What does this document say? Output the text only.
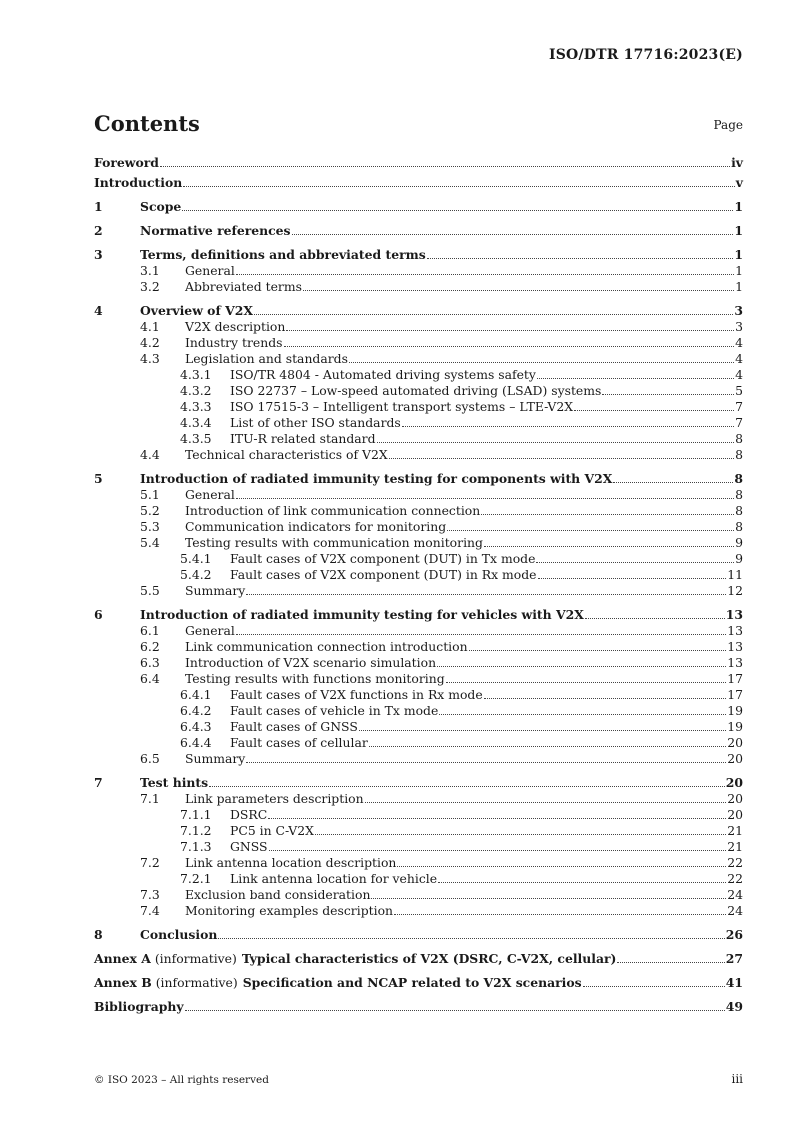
ISO/DTR 17716:2023(E)
Contents	Page
Foreword	iv
Introduction	v
1	Scope	1
2	Normative references	1
3	Terms, definitions and abbreviated terms	1
3.1	General	1
3.2	Abbreviated terms	1
4	Overview of V2X	3
4.1	V2X description	3
4.2	Industry trends	4
4.3	Legislation and standards	4
4.3.1	ISO/TR 4804 - Automated driving systems safety	4
4.3.2	ISO 22737 – Low-speed automated driving (LSAD) systems	5
4.3.3	ISO 17515-3 – Intelligent transport systems – LTE-V2X	7
4.3.4	List of other ISO standards	7
4.3.5	ITU-R related standard	8
4.4	Technical characteristics of V2X	8
5	Introduction of radiated immunity testing for components with V2X	8
5.1	General	8
5.2	Introduction of link communication connection	8
5.3	Communication indicators for monitoring	8
5.4	Testing results with communication monitoring	9
5.4.1	Fault cases of V2X component (DUT) in Tx mode	9
5.4.2	Fault cases of V2X component (DUT) in Rx mode	11
5.5	Summary	12
6	Introduction of radiated immunity testing for vehicles with V2X	13
6.1	General	13
6.2	Link communication connection introduction	13
6.3	Introduction of V2X scenario simulation	13
6.4	Testing results with functions monitoring	17
6.4.1	Fault cases of V2X functions in Rx mode	17
6.4.2	Fault cases of vehicle in Tx mode	19
6.4.3	Fault cases of GNSS	19
6.4.4	Fault cases of cellular	20
6.5	Summary	20
7	Test hints	20
7.1	Link parameters description	20
7.1.1	DSRC	20
7.1.2	PC5 in C-V2X	21
7.1.3	GNSS	21
7.2	Link antenna location description	22
7.2.1	Link antenna location for vehicle	22
7.3	Exclusion band consideration	24
7.4	Monitoring examples description	24
8	Conclusion	26
Annex A (informative) Typical characteristics of V2X (DSRC, C-V2X, cellular)	27
Annex B (informative) Specification and NCAP related to V2X scenarios	41
Bibliography	49
© ISO 2023 – All rights reserved	iii
